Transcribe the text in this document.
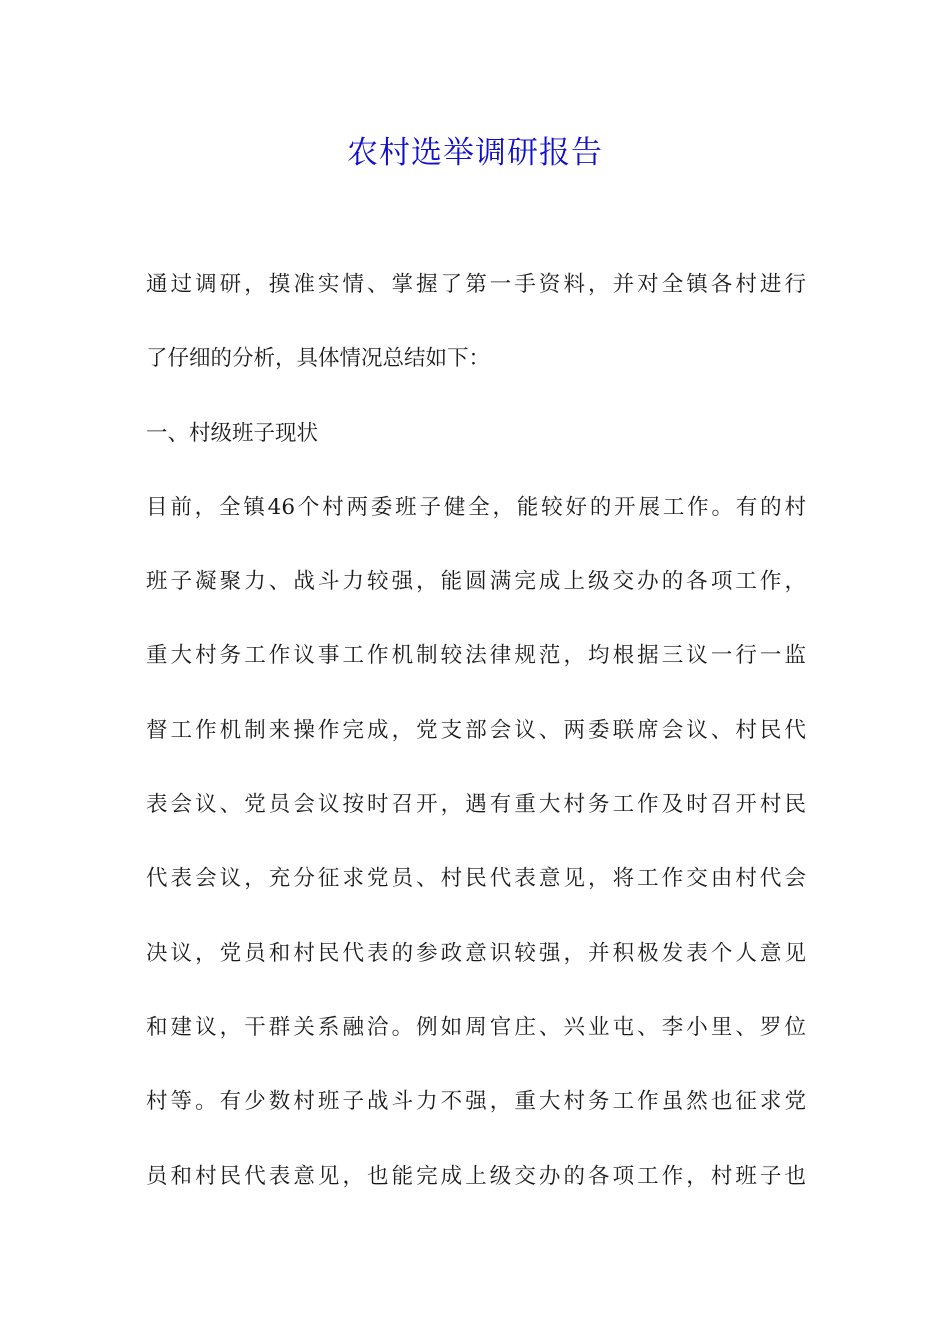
农村选举调研报告
通过调研，摸准实情、掌握了第一手资料，并对全镇各村进行
了仔细的分析，具体情况总结如下：
一、村级班子现状
目前，全镇46个村两委班子健全，能较好的开展工作。有的村
班子凝聚力、战斗力较强，能圆满完成上级交办的各项工作，
重大村务工作议事工作机制较法律规范，均根据三议一行一监
督工作机制来操作完成，党支部会议、两委联席会议、村民代
表会议、党员会议按时召开，遇有重大村务工作及时召开村民
代表会议，充分征求党员、村民代表意见，将工作交由村代会
决议，党员和村民代表的参政意识较强，并积极发表个人意见
和建议，干群关系融洽。例如周官庄、兴业屯、李小里、罗位
村等。有少数村班子战斗力不强，重大村务工作虽然也征求党
员和村民代表意见，也能完成上级交办的各项工作，村班子也
